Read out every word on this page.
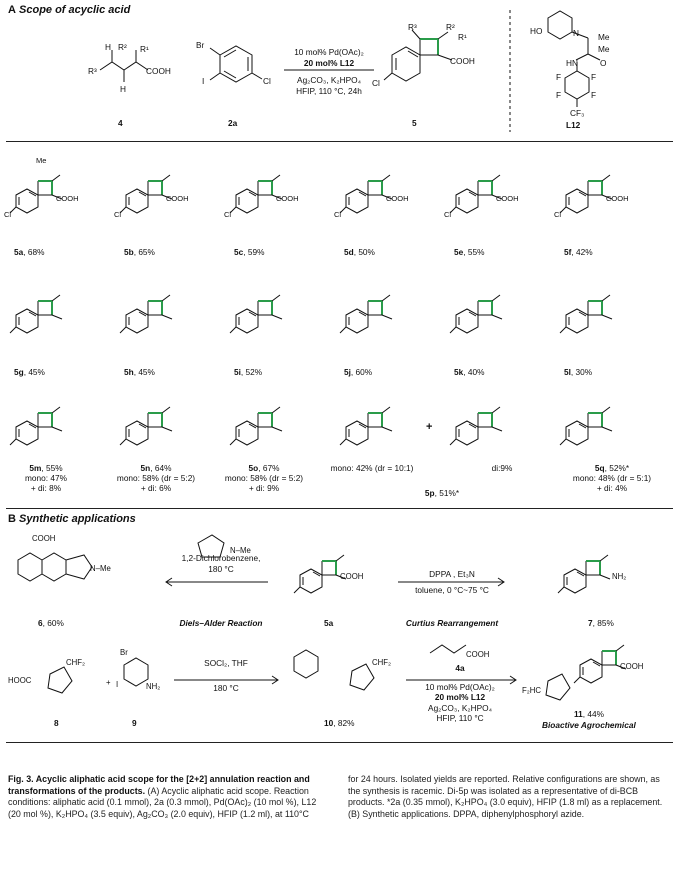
A Scope of acyclic acid
H
R³
R² R¹
H
COOH
Br
I	Cl
R³	R²
R¹
COOH
Cl
HO	N Me
Me
O
HN
F	F
F	F
CF₃
10 mol% Pd(OAc)₂
20 mol% L12
Ag₂CO₃, K₂HPO₄
HFIP, 110 °C, 24h
4	2a	5	L12
Me
COOH	COOH	COOH	COOH	COOH	COOH
Cl	Cl	Cl	Cl	Cl	Cl
5a, 68%	5b, 65%	5c, 59%	5d, 50%	5e, 55%	5f, 42%
5g, 45%	5h, 45%	5i, 52%	5j, 60%	5k, 40%	5l, 30%
5m, 55%
mono: 47%
+ di: 8%
5n, 64%
mono: 58% (dr = 5:2)
+ di: 6%
5o, 67%
mono: 58% (dr = 5:2)
+ di: 9%
mono: 42% (dr = 10:1)
+
di:9%
5p, 51%*
5q, 52%*
mono: 48% (dr = 5:1)
+ di: 4%
B Synthetic applications
COOH
N–Me
N–Me
COOH	NH₂
HOOC
CHF₂
+
Br
I	NH₂
CHF₂
COOH
COOH
F₂HC
1,2-Dichlorobenzene,
180 °C
Diels–Alder Reaction
DPPA , Et₃N
toluene, 0 °C~75 °C
Curtius Rearrangement
6, 60%	5a	7, 85%
SOCl₂, THF
180 °C
4a
10 mol% Pd(OAc)₂
20 mol% L12
Ag₂CO₃, K₂HPO₄
HFIP, 110 °C
8	9	10, 82%
11, 44%
Bioactive Agrochemical
Fig. 3. Acyclic aliphatic acid scope for the [2+2] annulation reaction and transformations of the products. (A) Acyclic aliphatic acid scope. Reaction conditions: aliphatic acid (0.1 mmol), 2a (0.3 mmol), Pd(OAc)₂ (10 mol %), L12 (20 mol %), K₂HPO₄ (3.5 equiv), Ag₂CO₃ (2.0 equiv), HFIP (1.2 ml), at 110°C
for 24 hours. Isolated yields are reported. Relative configurations are shown, as the synthesis is racemic. Di-5p was isolated as a representative of di-BCB products. *2a (0.35 mmol), K₂HPO₄ (3.0 equiv), HFIP (1.8 ml) as a replacement. (B) Synthetic applications. DPPA, diphenylphosphoryl azide.
